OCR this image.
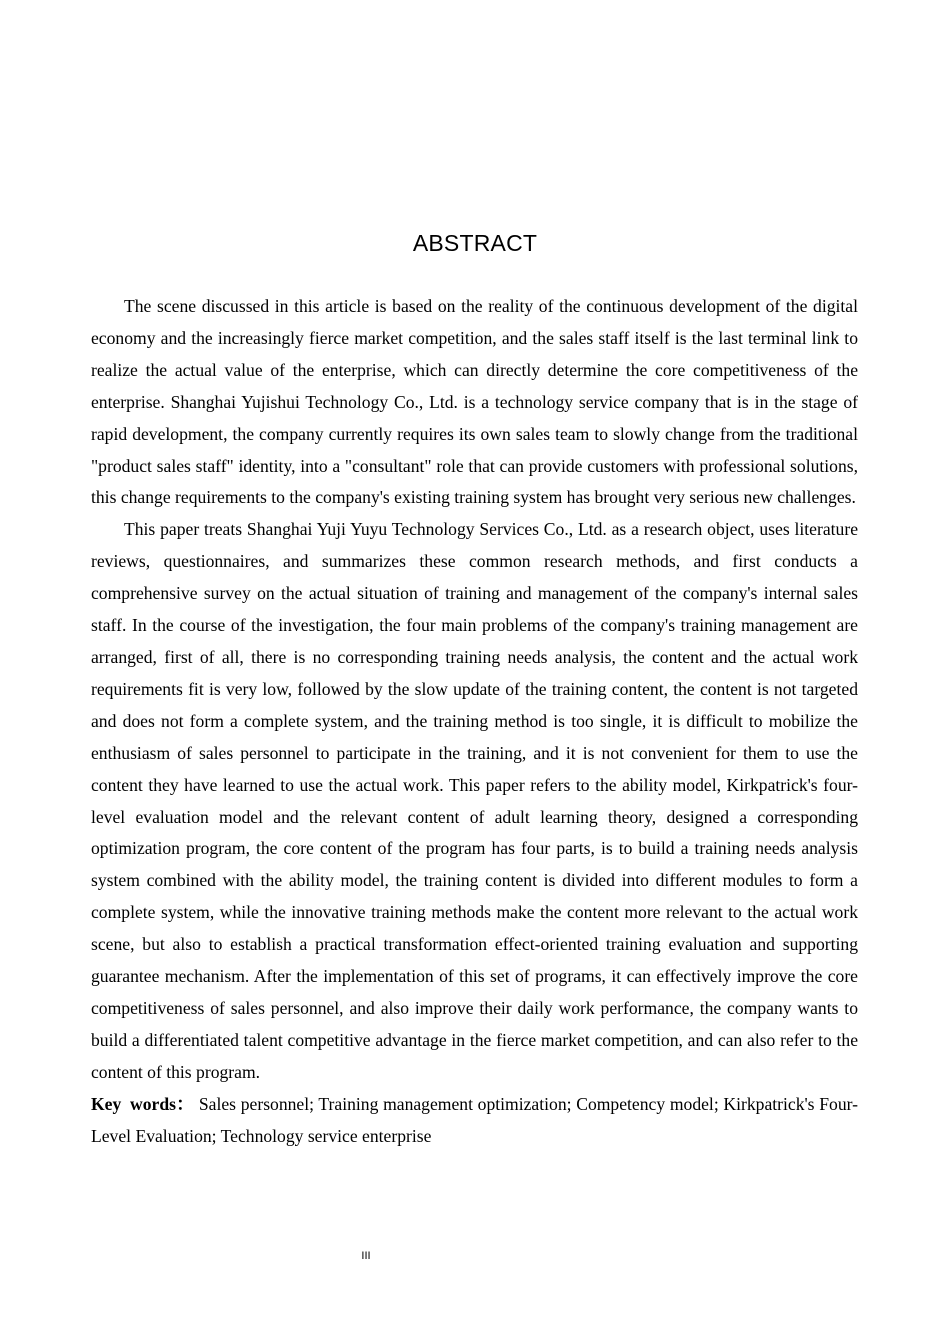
ABSTRACT

The scene discussed in this article is based on the reality of the continuous development of the digital economy and the increasingly fierce market competition, and the sales staff itself is the last terminal link to realize the actual value of the enterprise, which can directly determine the core competitiveness of the enterprise. Shanghai Yujishui Technology Co., Ltd. is a technology service company that is in the stage of rapid development, the company currently requires its own sales team to slowly change from the traditional "product sales staff" identity, into a "consultant" role that can provide customers with professional solutions, this change requirements to the company's existing training system has brought very serious new challenges.

This paper treats Shanghai Yuji Yuyu Technology Services Co., Ltd. as a research object, uses literature reviews, questionnaires, and summarizes these common research methods, and first conducts a comprehensive survey on the actual situation of training and management of the company's internal sales staff. In the course of the investigation, the four main problems of the company's training management are arranged, first of all, there is no corresponding training needs analysis, the content and the actual work requirements fit is very low, followed by the slow update of the training content, the content is not targeted and does not form a complete system, and the training method is too single, it is difficult to mobilize the enthusiasm of sales personnel to participate in the training, and it is not convenient for them to use the content they have learned to use the actual work. This paper refers to the ability model, Kirkpatrick's four-level evaluation model and the relevant content of adult learning theory, designed a corresponding optimization program, the core content of the program has four parts, is to build a training needs analysis system combined with the ability model, the training content is divided into different modules to form a complete system, while the innovative training methods make the content more relevant to the actual work scene, but also to establish a practical transformation effect-oriented training evaluation and supporting guarantee mechanism. After the implementation of this set of programs, it can effectively improve the core competitiveness of sales personnel, and also improve their daily work performance, the company wants to build a differentiated talent competitive advantage in the fierce market competition, and can also refer to the content of this program.

Key words： Sales personnel; Training management optimization; Competency model; Kirkpatrick's Four-Level Evaluation; Technology service enterprise

III
